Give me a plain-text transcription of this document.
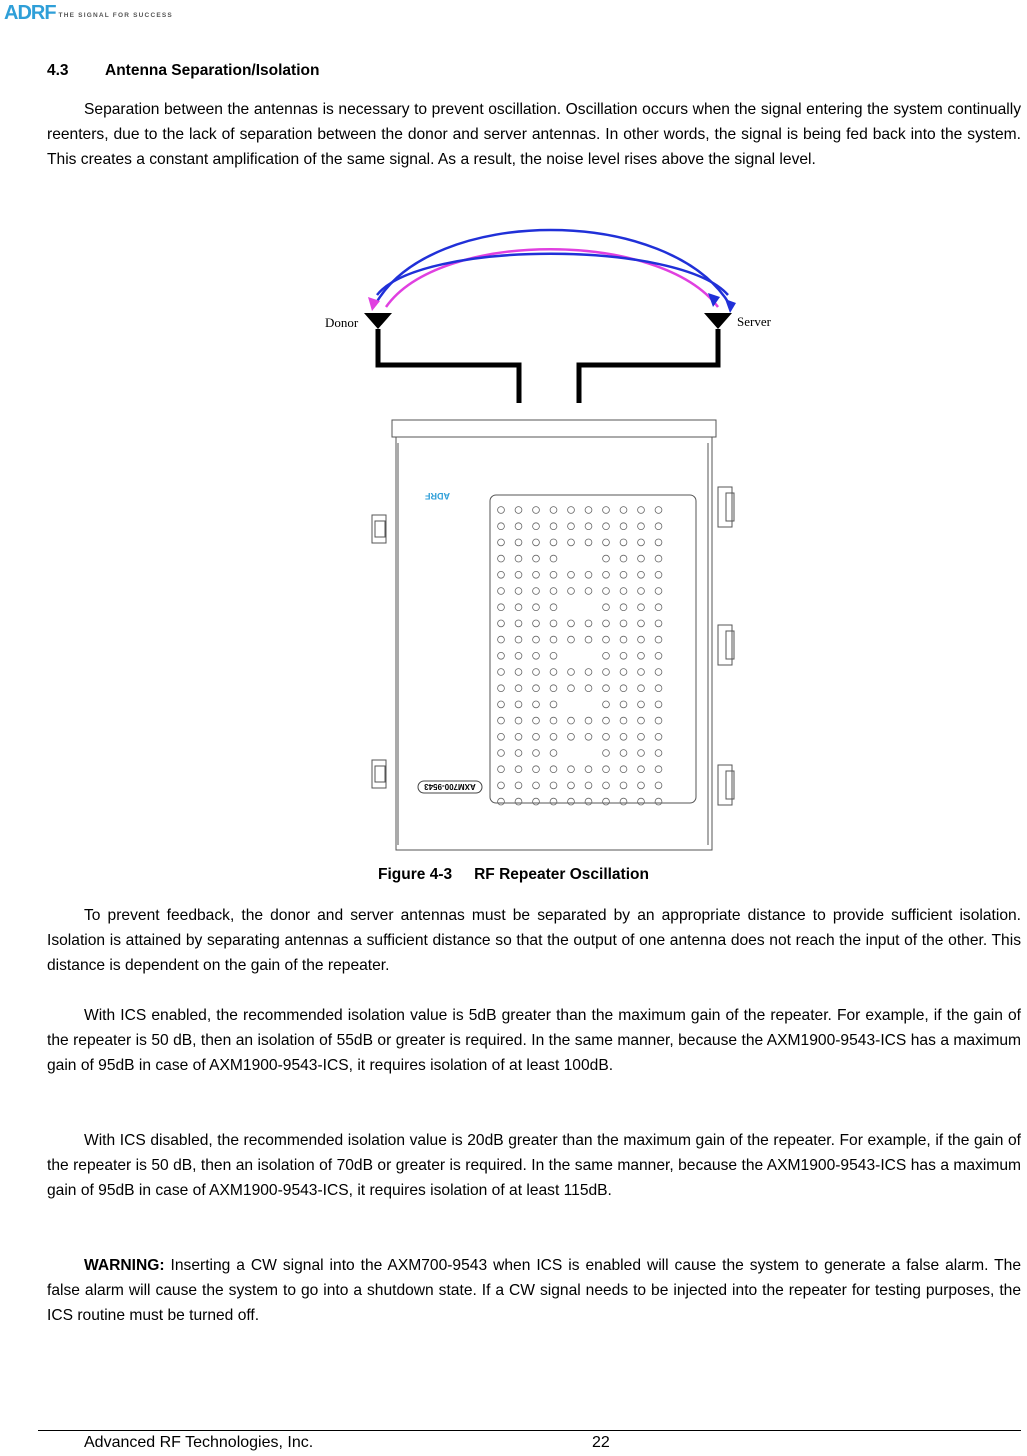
ADRF THE SIGNAL FOR SUCCESS
4.3 Antenna Separation/Isolation
Separation between the antennas is necessary to prevent oscillation. Oscillation occurs when the signal entering the system continually reenters, due to the lack of separation between the donor and server antennas. In other words, the signal is being fed back into the system. This creates a constant amplification of the same signal. As a result, the noise level rises above the signal level.
ADRF
AXM700-9543
Donor	Server
Figure 4-3 RF Repeater Oscillation
To prevent feedback, the donor and server antennas must be separated by an appropriate distance to provide sufficient isolation. Isolation is attained by separating antennas a sufficient distance so that the output of one antenna does not reach the input of the other. This distance is dependent on the gain of the repeater.
With ICS enabled, the recommended isolation value is 5dB greater than the maximum gain of the repeater. For example, if the gain of the repeater is 50 dB, then an isolation of 55dB or greater is required. In the same manner, because the AXM1900-9543-ICS has a maximum gain of 95dB in case of AXM1900-9543-ICS, it requires isolation of at least 100dB.
With ICS disabled, the recommended isolation value is 20dB greater than the maximum gain of the repeater. For example, if the gain of the repeater is 50 dB, then an isolation of 70dB or greater is required. In the same manner, because the AXM1900-9543-ICS has a maximum gain of 95dB in case of AXM1900-9543-ICS, it requires isolation of at least 115dB.
WARNING: Inserting a CW signal into the AXM700-9543 when ICS is enabled will cause the system to generate a false alarm. The false alarm will cause the system to go into a shutdown state. If a CW signal needs to be injected into the repeater for testing purposes, the ICS routine must be turned off.
Advanced RF Technologies, Inc.	22
